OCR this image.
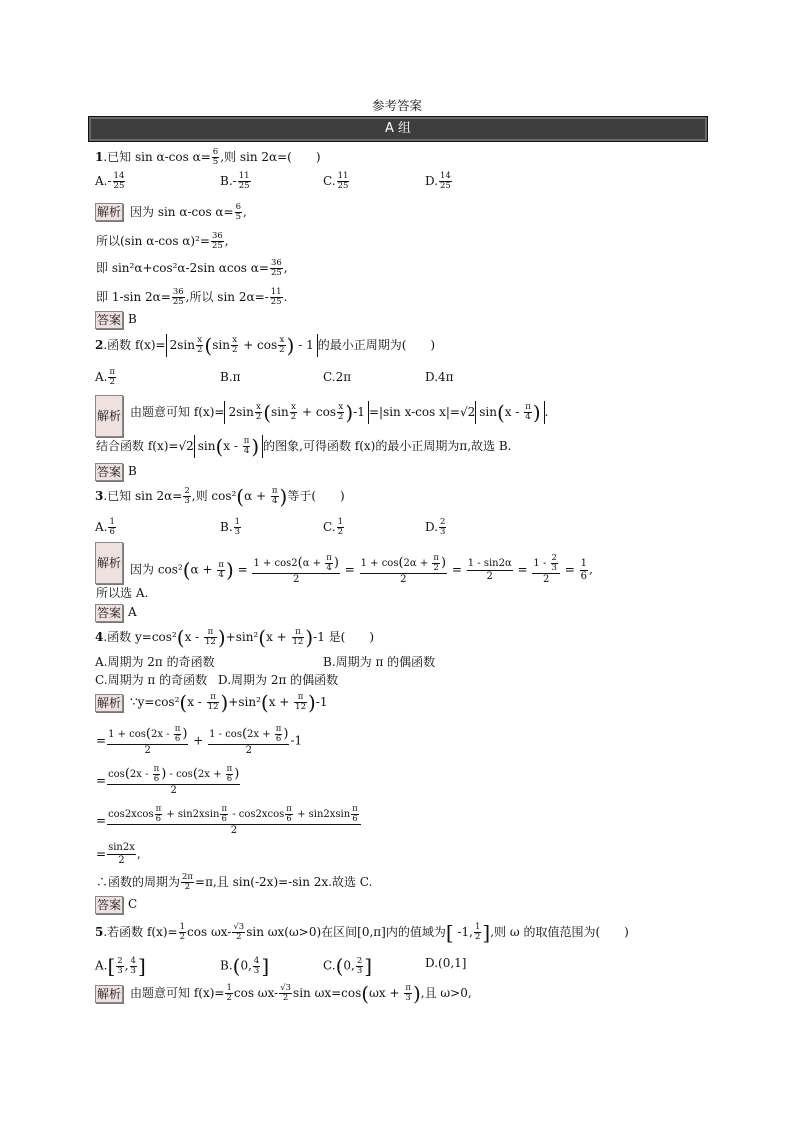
参考答案
A 组
1.已知 sin α-cos $\alpha= \frac{6}{5}$ ,则 sin 2α=(　　)
$A.- \frac{14}{25}$	$B.- \frac{11}{25}$	C. $\frac{11}{25}$	D. $\frac{14}{25}$
解析 因为 sin α-cos $\alpha= \frac{6}{5}$ ,
所以(sin α-cos $\alpha)^2= \frac{36}{25}$ ,
即 sin²α+cos²α-2sin αcos $\alpha= \frac{36}{25}$ ,
即 1-sin $2\alpha= \frac{36}{25}$ ,所以 $\sin 2\alpha=- \frac{11}{25}$ .
答案 B
2.函数 $f(x)= 2\sin \frac{x}{2} (\sin \frac{x}{2} + \cos \frac{x}{2}$ ) - 1 的最小正周期为(　　)
A. $\frac{\pi}{2}$	B.π	C.2π	D.4π
解析 由题意可知 $f(x)= 2\sin \frac{x}{2} (\sin \frac{x}{2} + \cos \frac{x}{2} )-1 =|\sin$ x-cos x|=√2 $\sin(x - \frac{\pi}{4}$ ) .
结合函数 f(x)=√2 $\sin(x - \frac{\pi}{4}$ ) 的图象,可得函数 f(x)的最小正周期为π,故选 B.
答案 B
3.已知 $\sin 2\alpha= \frac{2}{3}$ ,则 $\cos^2(\alpha + \frac{\pi}{4}$ )等于(　　)
A. $\frac{1}{6}$	B. $\frac{1}{3}$	C. $\frac{1}{2}$	D. $\frac{2}{3}$
解析 因为 $\cos^2(\alpha + \frac{\pi}{4}$ ) = $\frac{1 + \cos 2(\alpha + \frac{\pi}{4} )}{2} = \frac{1 + \cos(2\alpha + \frac{\pi}{2} )}{2} = \frac{1 - \sin 2\alpha}{2} = \frac{1 - \frac{2}{3}}{2} = \frac{1}{6}$ ,
所以选 A.
答案 A
4.函数 $y=\cos^2(x - \frac{\pi}{12} )+\sin^2(x + \frac{\pi}{12} )-1$ 是(　　)
A.周期为 2π 的奇函数	B.周期为 π 的偶函数
C.周期为 π 的奇函数 D.周期为 2π 的偶函数
解析 ∵y=cos²(x - $\frac{\pi}{12} )+\sin^2(x + \frac{\pi}{12} )-1$
= $\frac{1 + \cos(2x - \frac{\pi}{6} )}{2} + \frac{1 - \cos(2x + \frac{\pi}{6} )}{2} -1$
= $\frac{\cos(2x - \frac{\pi}{6} ) - \cos(2x + \frac{\pi}{6} )}{2}$
= $\frac{\cos 2xcos \frac{\pi}{6} + \sin 2xsin \frac{\pi}{6} - \cos 2xcos \frac{\pi}{6} + \sin 2xsin \frac{\pi}{6}}{2}$
= $\frac{\sin 2x}{2}$ ,
∴函数的周期为 $\frac{2\pi}{2} =\pi$,且 sin(-2x)=-sin 2x.故选 C.
答案 C
5.若函数 $f(x)= \frac{1}{2}$ $\cos \omega x- \frac{√3}{2}$ sin ωx(ω>0)在区间[0,π]内的值域为[ -1, $\frac{1}{2}$ ],则 ω 的取值范围为(　　)
$A.[ \frac{2}{3}$ , $\frac{4}{3}$ ]	B.(0, $\frac{4}{3}$ ]	C.(0, $\frac{2}{3}$ ]	D.(0,1]
解析 由题意可知 $f(x)= \frac{1}{2}$ $\cos \omega x- \frac{√3}{2}$ $\sin \omega x=\cos(\omega x + \frac{\pi}{3}$ ),且 ω>0,
